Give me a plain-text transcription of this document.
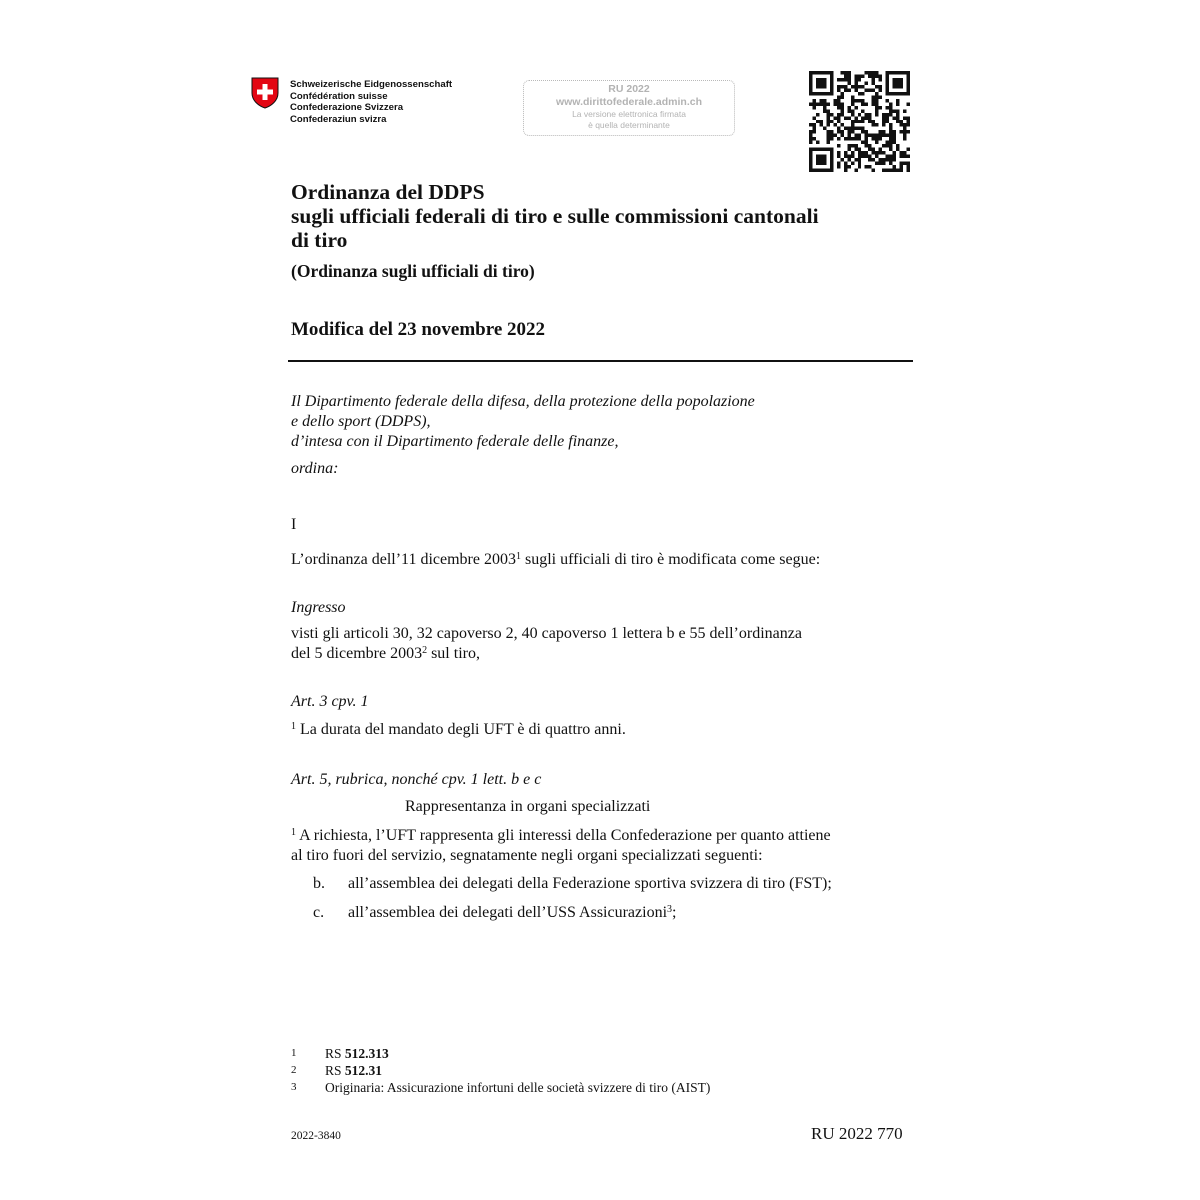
Schweizerische Eidgenossenschaft
Confédération suisse
Confederazione Svizzera
Confederaziun svizra
RU 2022
www.dirittofederale.admin.ch
La versione elettronica firmata
è quella determinante
Ordinanza del DDPS
sugli ufficiali federali di tiro e sulle commissioni cantonali
di tiro
(Ordinanza sugli ufficiali di tiro)
Modifica del 23 novembre 2022
Il Dipartimento federale della difesa, della protezione della popolazione
e dello sport (DDPS),
d’intesa con il Dipartimento federale delle finanze,
ordina:
I
L’ordinanza dell’11 dicembre 2003$^1$ sugli ufficiali di tiro è modificata come segue:
Ingresso
visti gli articoli 30, 32 capoverso 2, 40 capoverso 1 lettera b e 55 dell’ordinanza
del 5 dicembre 2003$^2$ sul tiro,
Art. 3 cpv. 1
$^1$ La durata del mandato degli UFT è di quattro anni.
Art. 5, rubrica, nonché cpv. 1 lett. b e c
Rappresentanza in organi specializzati
$^1$ A richiesta, l’UFT rappresenta gli interessi della Confederazione per quanto attiene
al tiro fuori del servizio, segnatamente negli organi specializzati seguenti:
b. all’assemblea dei delegati della Federazione sportiva svizzera di tiro (FST);
c. all’assemblea dei delegati dell’USS Assicurazioni$^3$;
1 RS 512.313
2 RS 512.31
3 Originaria: Assicurazione infortuni delle società svizzere di tiro (AIST)
2022-3840	RU 2022 770
